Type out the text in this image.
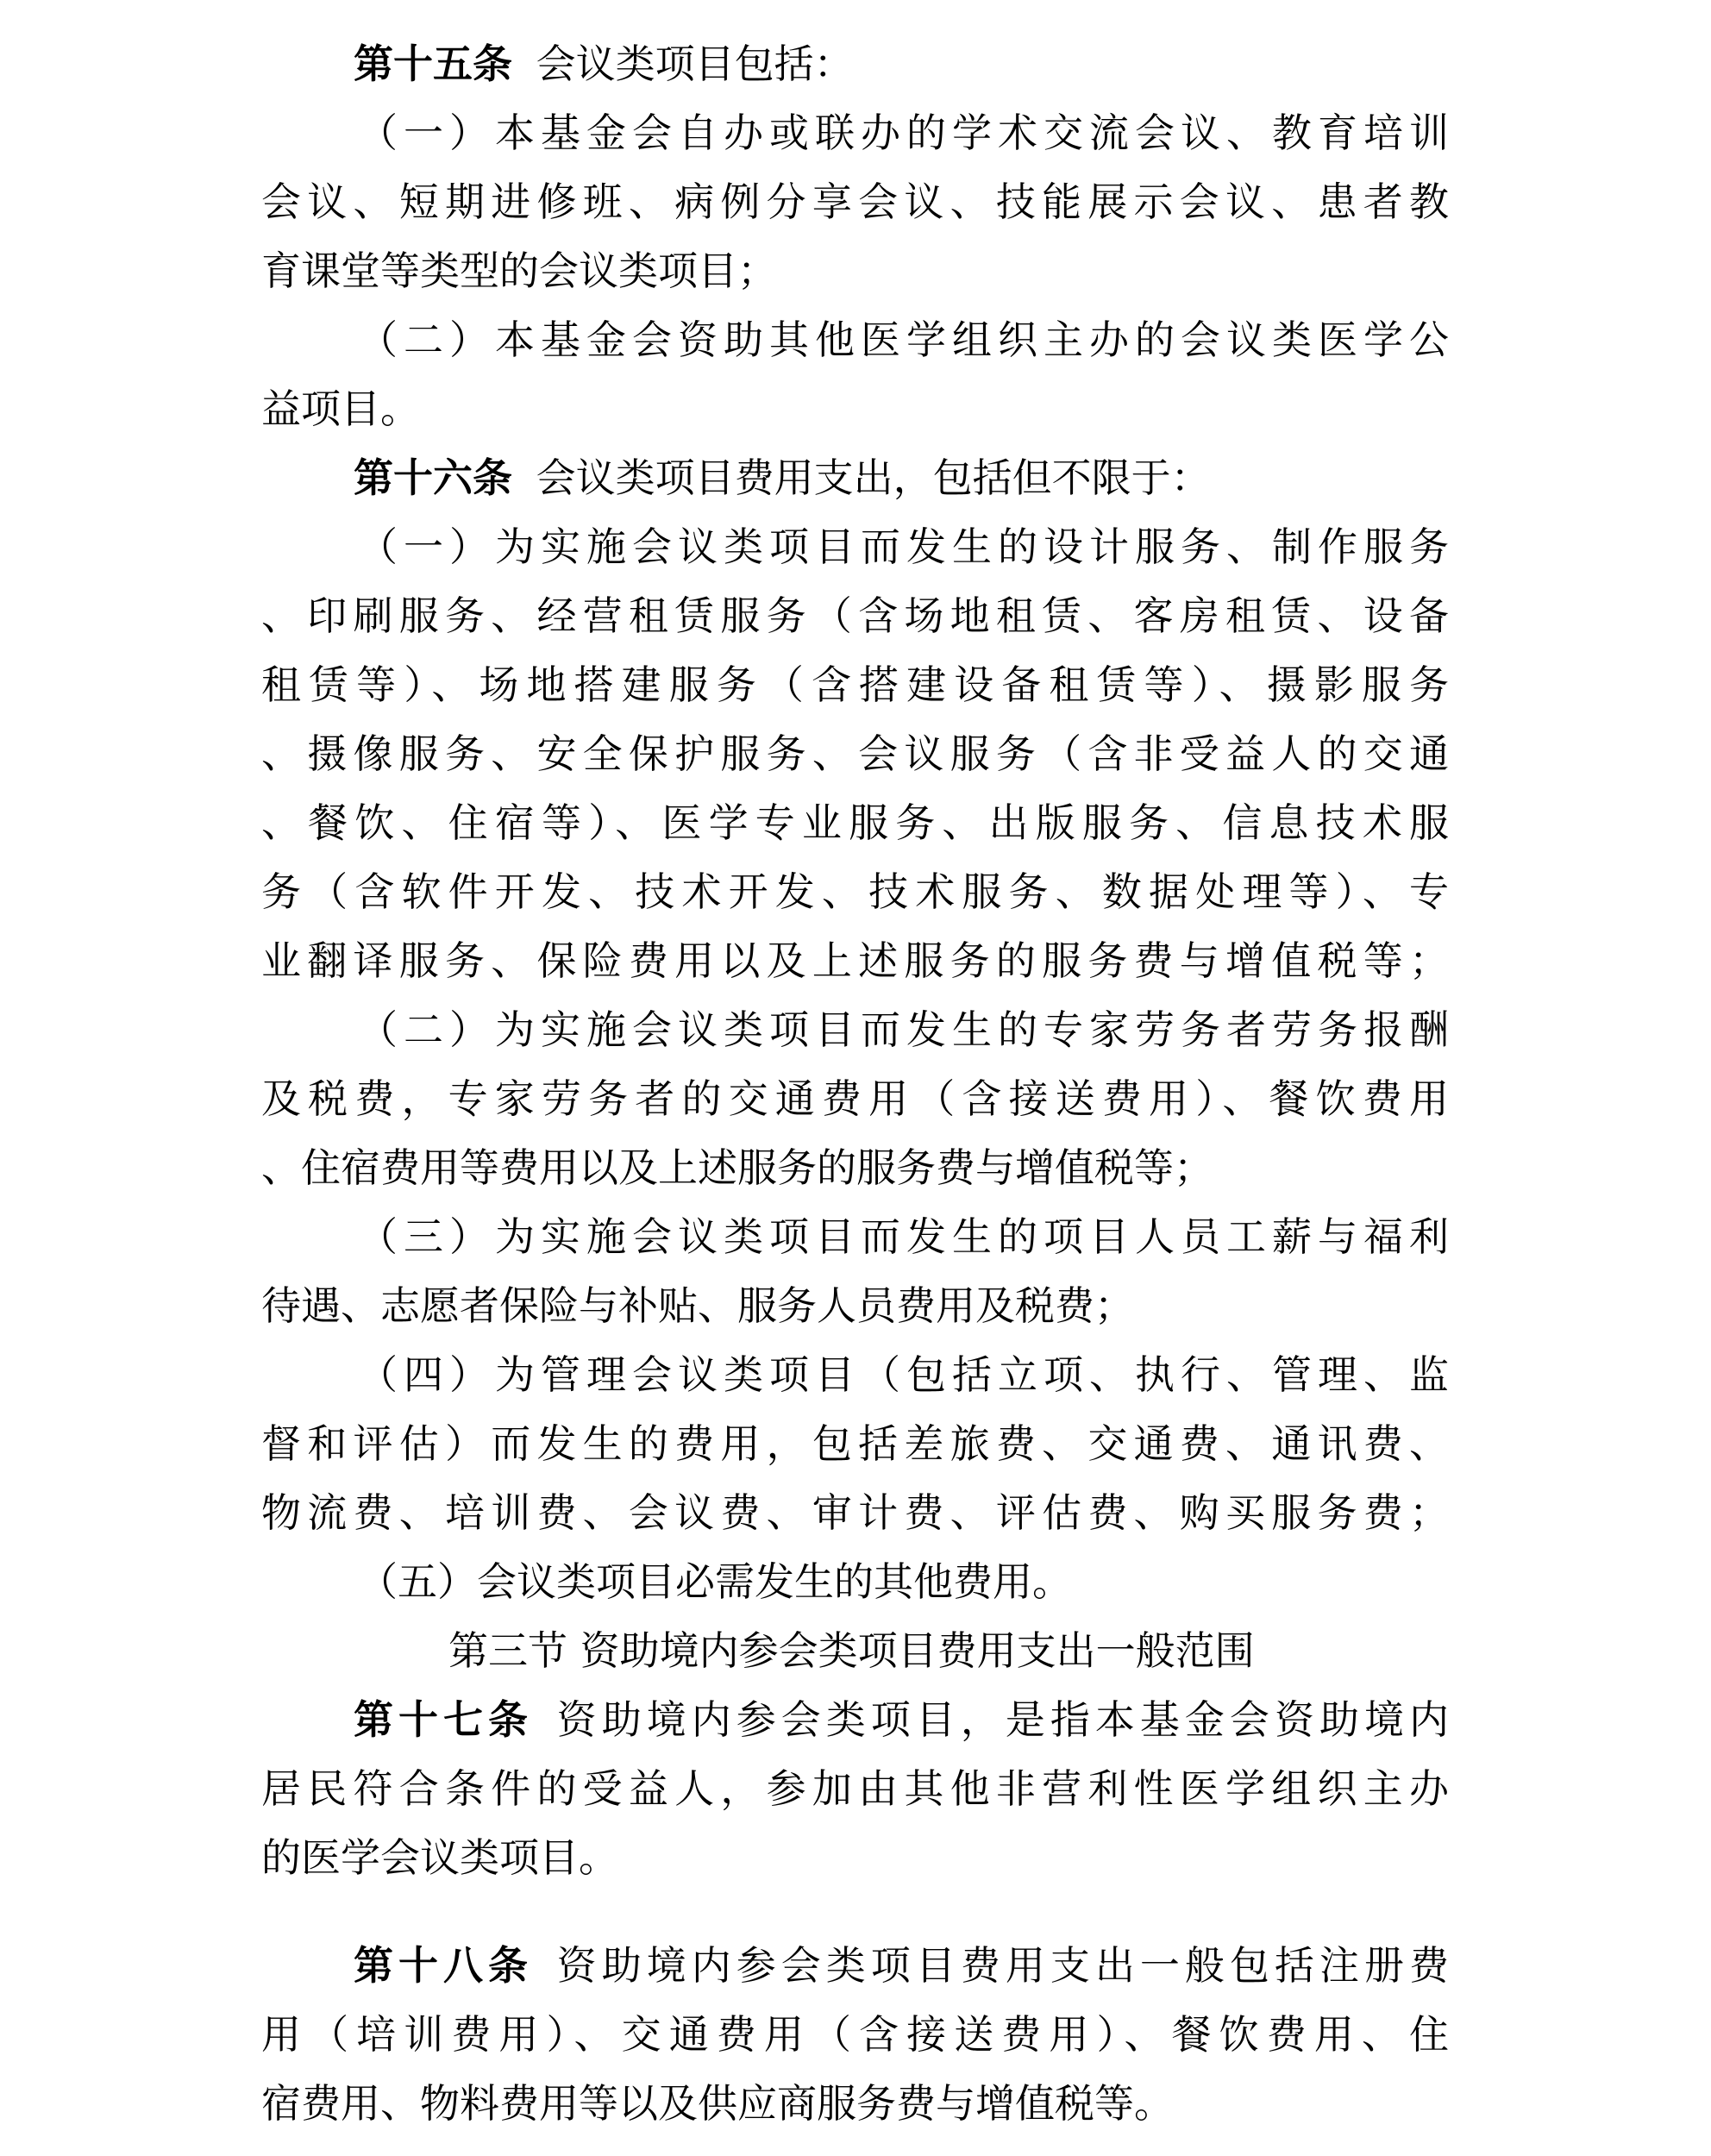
第十五条 会议类项目包括：
（一）本基金会自办或联办的学术交流会议、教育培训
会议、短期进修班、病例分享会议、技能展示会议、患者教
育课堂等类型的会议类项目；
（二）本基金会资助其他医学组织主办的会议类医学公
益项目。
第十六条 会议类项目费用支出，包括但不限于：
（一）为实施会议类项目而发生的设计服务、制作服务
、印刷服务、经营租赁服务（含场地租赁、客房租赁、设备
租赁等）、场地搭建服务（含搭建设备租赁等）、摄影服务
、摄像服务、安全保护服务、会议服务（含非受益人的交通
、餐饮、住宿等）、医学专业服务、出版服务、信息技术服
务（含软件开发、技术开发、技术服务、数据处理等）、专
业翻译服务、保险费用以及上述服务的服务费与增值税等；
（二）为实施会议类项目而发生的专家劳务者劳务报酬
及税费，专家劳务者的交通费用（含接送费用）、餐饮费用
、住宿费用等费用以及上述服务的服务费与增值税等；
（三）为实施会议类项目而发生的项目人员工薪与福利
待遇、志愿者保险与补贴、服务人员费用及税费；
（四）为管理会议类项目（包括立项、执行、管理、监
督和评估）而发生的费用，包括差旅费、交通费、通讯费、
物流费、培训费、会议费、审计费、评估费、购买服务费；
（五）会议类项目必需发生的其他费用。
第三节 资助境内参会类项目费用支出一般范围
第十七条 资助境内参会类项目，是指本基金会资助境内
居民符合条件的受益人，参加由其他非营利性医学组织主办
的医学会议类项目。
第十八条 资助境内参会类项目费用支出一般包括注册费
用（培训费用）、交通费用（含接送费用）、餐饮费用、住
宿费用、物料费用等以及供应商服务费与增值税等。
